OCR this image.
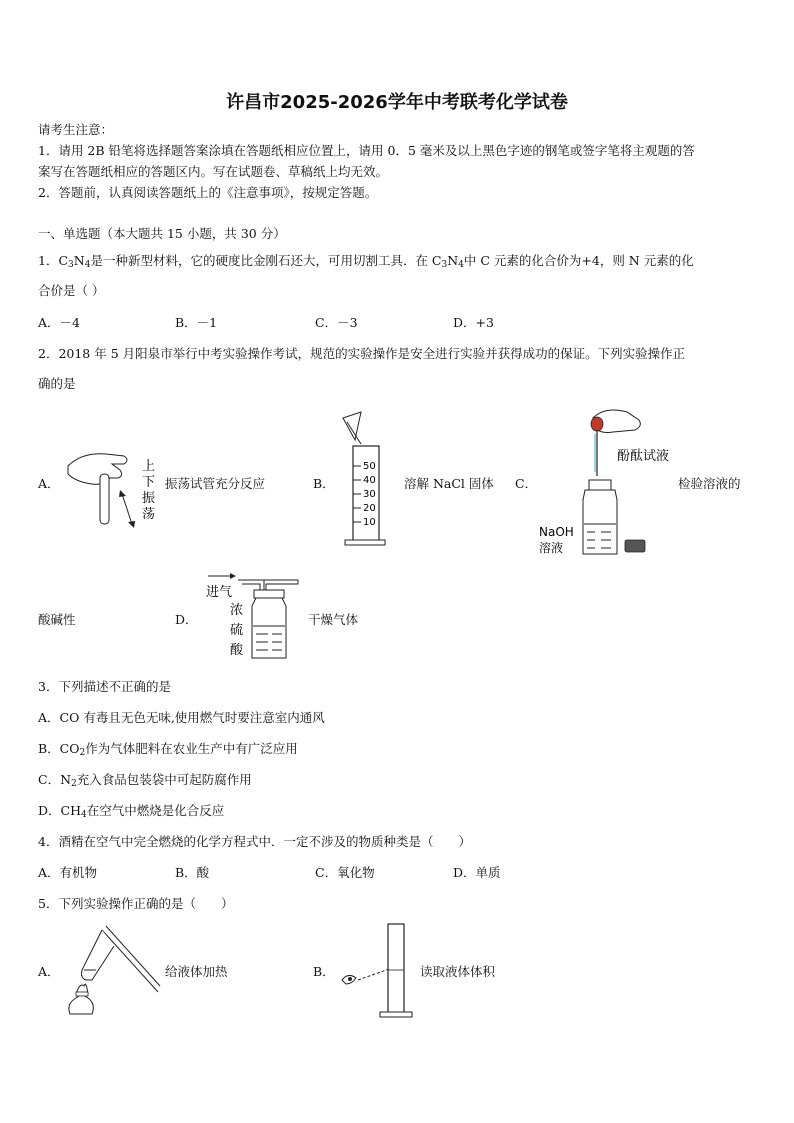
许昌市2025-2026学年中考联考化学试卷
请考生注意：
1．请用 2B 铅笔将选择题答案涂填在答题纸相应位置上，请用 0．5 毫米及以上黑色字迹的钢笔或签字笔将主观题的答
案写在答题纸相应的答题区内。写在试题卷、草稿纸上均无效。
2．答题前，认真阅读答题纸上的《注意事项》，按规定答题。
一、单选题（本大题共 15 小题，共 30 分）
1．$C_3N_4$是一种新型材料，它的硬度比金刚石还大，可用切割工具．在 $C_3N_4$中 C 元素的化合价为+4，则 N 元素的化
合价是（ ）
A．－4	B．－1	C．－3	D．+3
2．2018 年 5 月阳泉市举行中考实验操作考试，规范的实验操作是安全进行实验并获得成功的保证。下列实验操作正
确的是
A．
上
下
振
荡
振荡试管充分反应	B．
50
40
30
20
10
溶解 NaCl 固体 C．
酚酞试液
NaOH
溶液
检验溶液的
酸碱性	D．
进气
浓
硫
酸
干燥气体
3．下列描述不正确的是
A．CO 有毒且无色无味,使用燃气时要注意室内通风
B．$CO_2$作为气体肥料在农业生产中有广泛应用
C．$N_2$充入食品包装袋中可起防腐作用
D．$CH_4$在空气中燃烧是化合反应
4．酒精在空气中完全燃烧的化学方程式中．一定不涉及的物质种类是（　　）
A．有机物	B．酸	C．氧化物	D．单质
5．下列实验操作正确的是（　　）
A．	给液体加热	B．	读取液体体积
